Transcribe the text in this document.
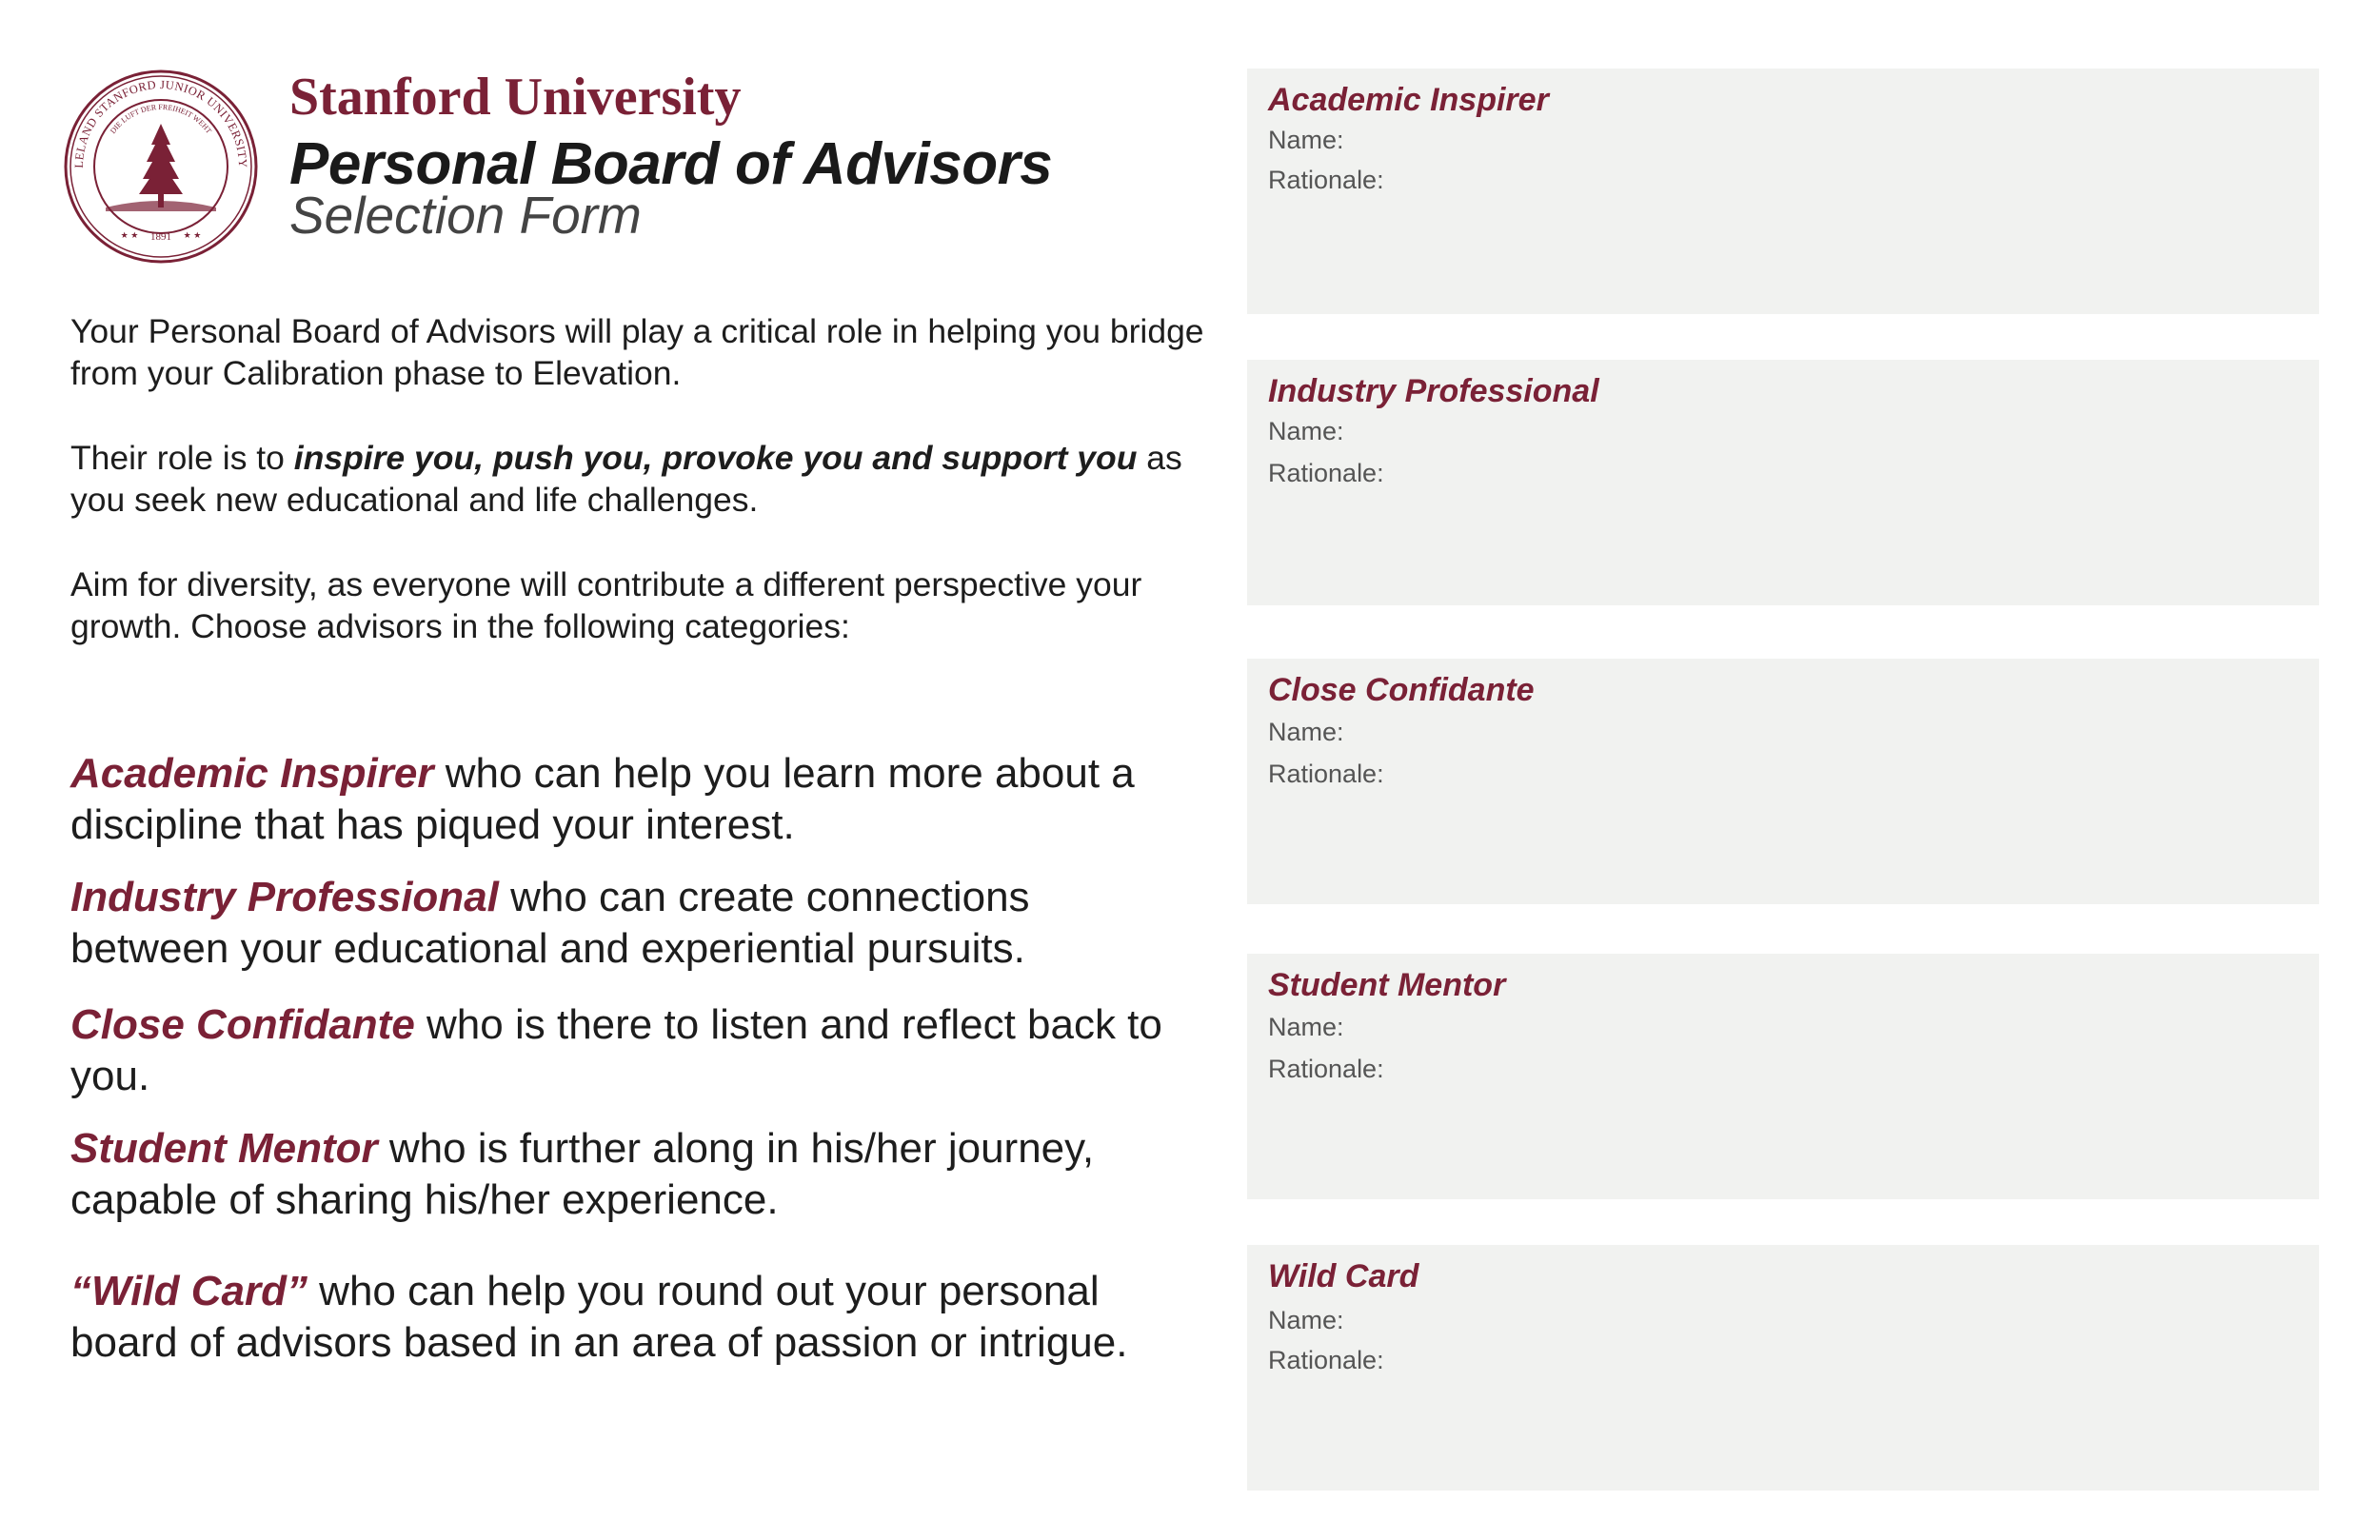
LELAND STANFORD JUNIOR UNIVERSITY
DIE LUFT DER FREIHEIT WEHT
1891
★ ★	★ ★
Stanford University
Personal Board of Advisors
Selection Form

Your Personal Board of Advisors will play a critical role in helping you bridge from your Calibration phase to Elevation.

Their role is to inspire you, push you, provoke you and support you as you seek new educational and life challenges.

Aim for diversity, as everyone will contribute a different perspective your growth. Choose advisors in the following categories:

Academic Inspirer who can help you learn more about a discipline that has piqued your interest.

Industry Professional who can create connections between your educational and experiential pursuits.

Close Confidante who is there to listen and reflect back to you.

Student Mentor who is further along in his/her journey, capable of sharing his/her experience.

“Wild Card” who can help you round out your personal board of advisors based in an area of passion or intrigue.

Academic Inspirer
Name:
Rationale:
Industry Professional
Name:
Rationale:
Close Confidante
Name:
Rationale:
Student Mentor
Name:
Rationale:
Wild Card
Name:
Rationale:
